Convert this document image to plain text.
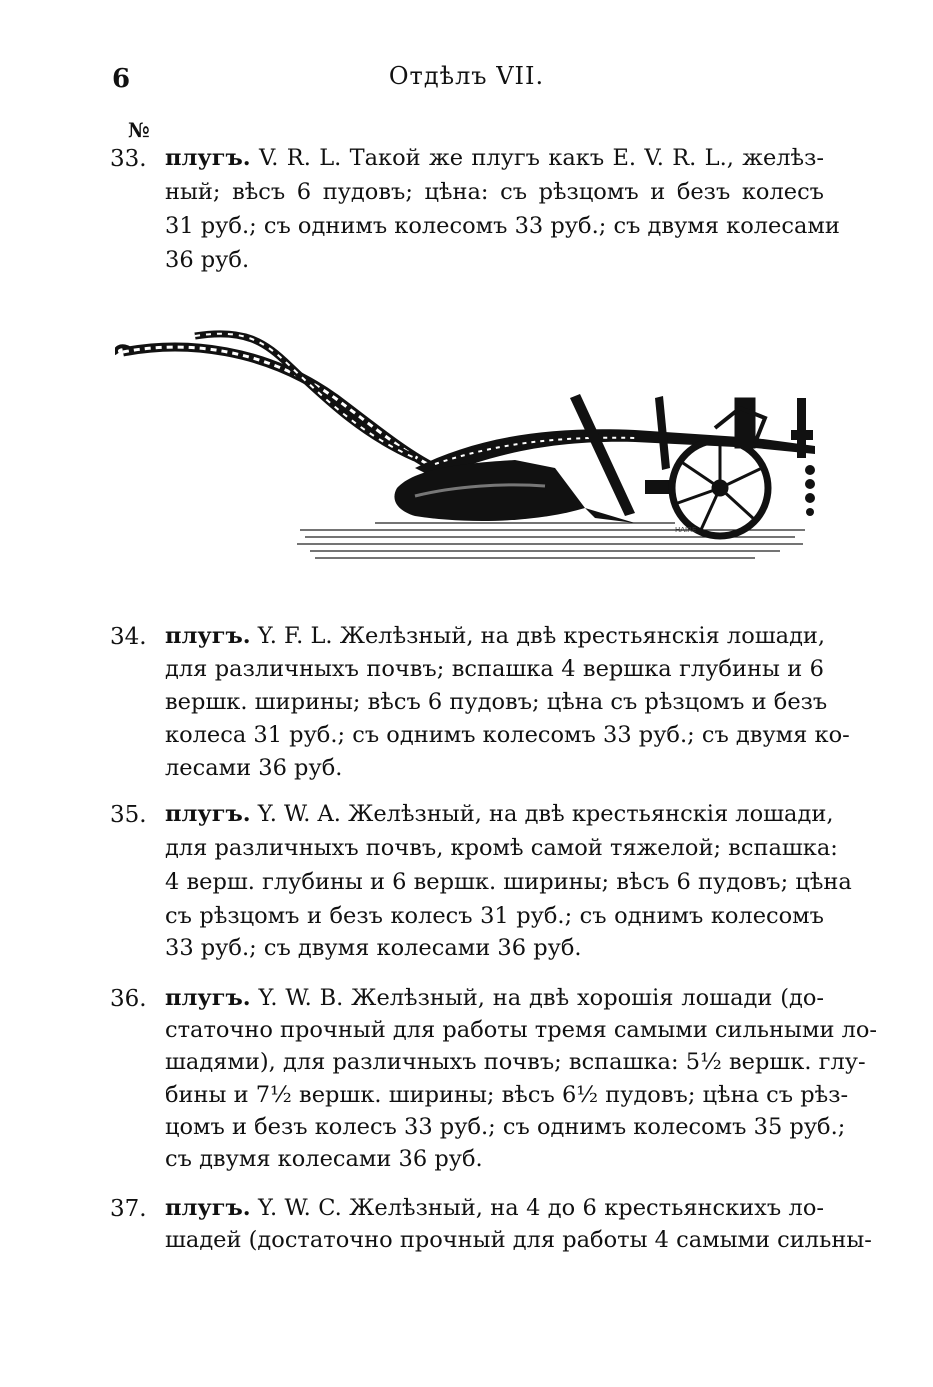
6	Отдѣлъ VII.
№
33. плугъ. V. R. L. Такой же плугъ какъ E. V. R. L., желѣз-
ный; вѣсъ 6 пудовъ; цѣна: съ рѣзцомъ и безъ колесъ
31 руб.; съ однимъ колесомъ 33 руб.; съ двумя колесами
36 руб.
HAIRE
34. плугъ. Y. F. L. Желѣзный, на двѣ крестьянскія лошади,
для различныхъ почвъ; вспашка 4 вершка глубины и 6
вершк. ширины; вѣсъ 6 пудовъ; цѣна съ рѣзцомъ и безъ
колеса 31 руб.; съ однимъ колесомъ 33 руб.; съ двумя ко-
лесами 36 руб.
35. плугъ. Y. W. A. Желѣзный, на двѣ крестьянскія лошади,
для различныхъ почвъ, кромѣ самой тяжелой; вспашка:
4 верш. глубины и 6 вершк. ширины; вѣсъ 6 пудовъ; цѣна
съ рѣзцомъ и безъ колесъ 31 руб.; съ однимъ колесомъ
33 руб.; съ двумя колесами 36 руб.
36. плугъ. Y. W. B. Желѣзный, на двѣ хорошія лошади (до-
статочно прочный для работы тремя самыми сильными ло-
шадями), для различныхъ почвъ; вспашка: 5½ вершк. глу-
бины и 7½ вершк. ширины; вѣсъ 6½ пудовъ; цѣна съ рѣз-
цомъ и безъ колесъ 33 руб.; съ однимъ колесомъ 35 руб.;
съ двумя колесами 36 руб.
37. плугъ. Y. W. C. Желѣзный, на 4 до 6 крестьянскихъ ло-
шадей (достаточно прочный для работы 4 самыми сильны-
